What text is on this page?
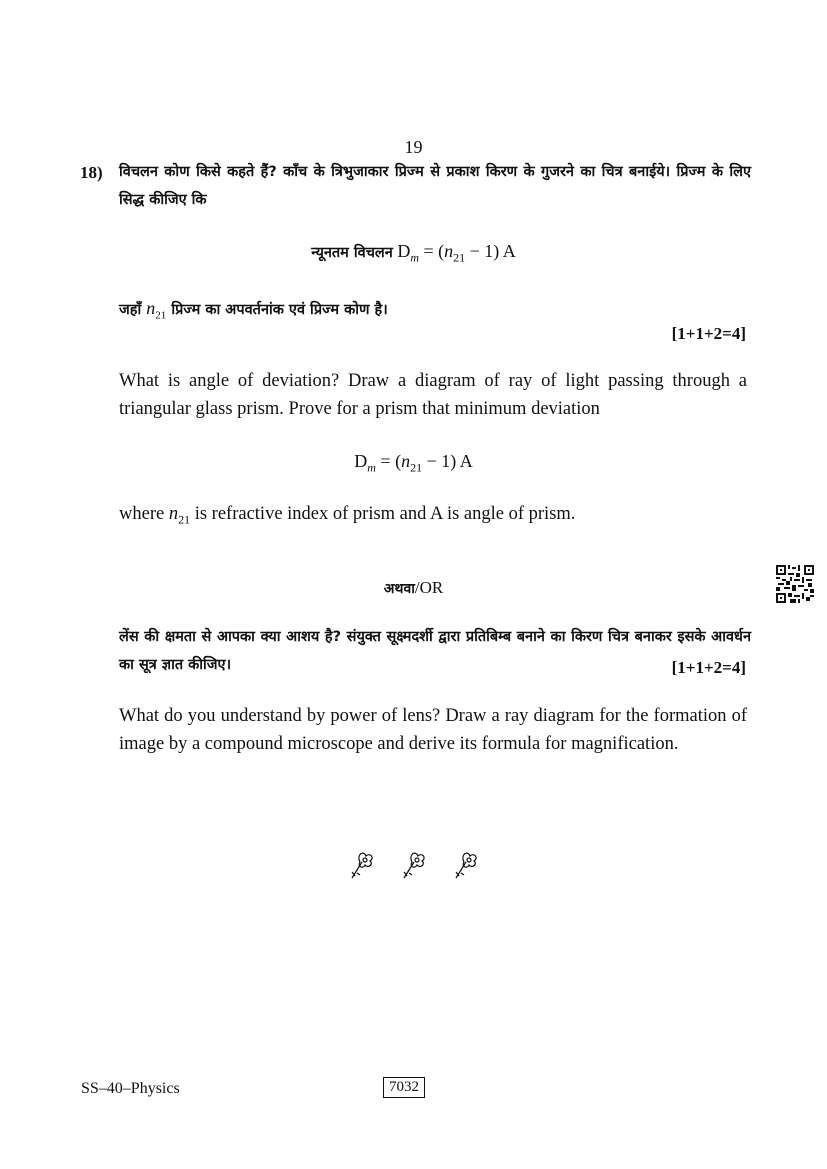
19
18) विचलन कोण किसे कहते हैं? काँच के त्रिभुजाकार प्रिज्म से प्रकाश किरण के गुजरने का चित्र बनाईये। प्रिज्म के लिए सिद्ध कीजिए कि
न्यूनतम विचलन $D_m = (n_{21} - 1)$ A
जहाँ $n_{21}$ प्रिज्म का अपवर्तनांक एवं प्रिज्म कोण है।
[1+1+2=4]
What is angle of deviation? Draw a diagram of ray of light passing through a triangular glass prism. Prove for a prism that minimum deviation
$D_m = (n_{21} - 1)$ A
where $n_{21}$ is refractive index of prism and A is angle of prism.
अथवा/OR
लेंस की क्षमता से आपका क्या आशय है? संयुक्त सूक्ष्मदर्शी द्वारा प्रतिबिम्ब बनाने का किरण चित्र बनाकर इसके आवर्धन का सूत्र ज्ञात कीजिए।	[1+1+2=4]
What do you understand by power of lens? Draw a ray diagram for the formation of image by a compound microscope and derive its formula for magnification.

SS–40–Physics	7032
